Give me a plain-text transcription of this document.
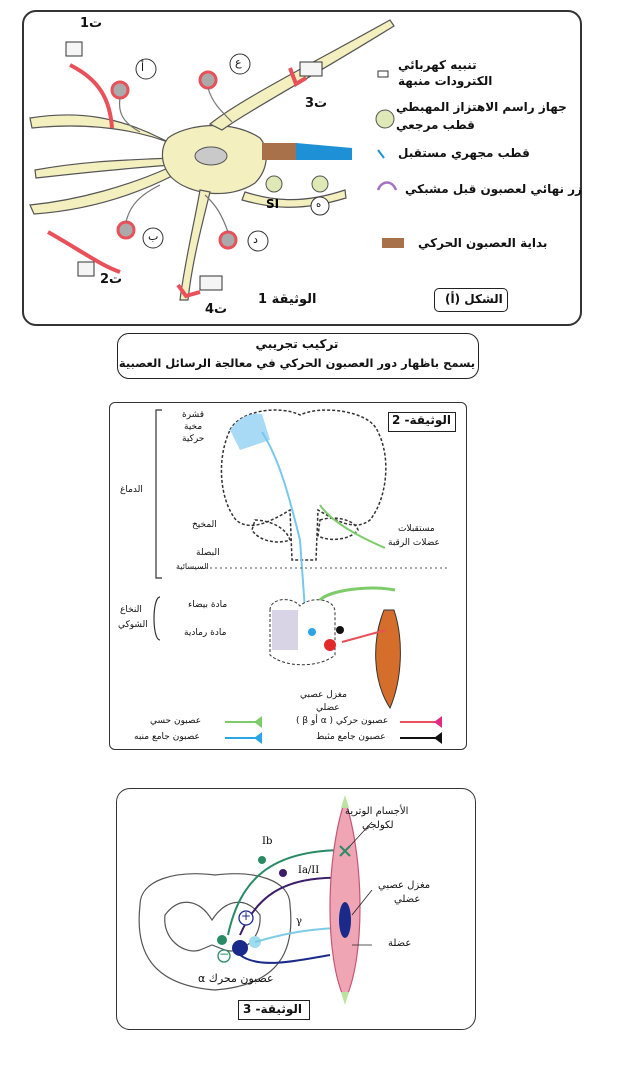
ت1
ت2
ت3
ت4
أ	ع
ب	د
ه
SI
تنبيه كهربائي
الكترودات منبهة
جهاز راسم الاهتزاز المهبطي
قطب مرجعي
قطب مجهري مستقبل
زر نهائي لعصبون قبل مشبكي
بداية العصبون الحركي
الوثيقة 1	الشكل (أ)
تركيب تجريبي
يسمح باظهار دور العصبون الحركي في معالجة الرسائل العصبية
الوثيقة- 2
قشرة
مخية
حركية
الدماغ
المخيخ
البصلة
السيسائية
مستقبلات
عضلات الرقبة
النخاع
الشوكي
مادة بيضاء
مادة رمادية
مغزل عصبي
عضلي
عصبون حسي
عصبون جامع منبه
عصبون حركي ( α أو β )
عصبون جامع مثبط
الأجسام الوترية
لكولجي
Ib
Ia/II
γ
مغزل عصبي
عضلي
عضلة
عصبون محرك α
+
−
الوثيقة- 3
